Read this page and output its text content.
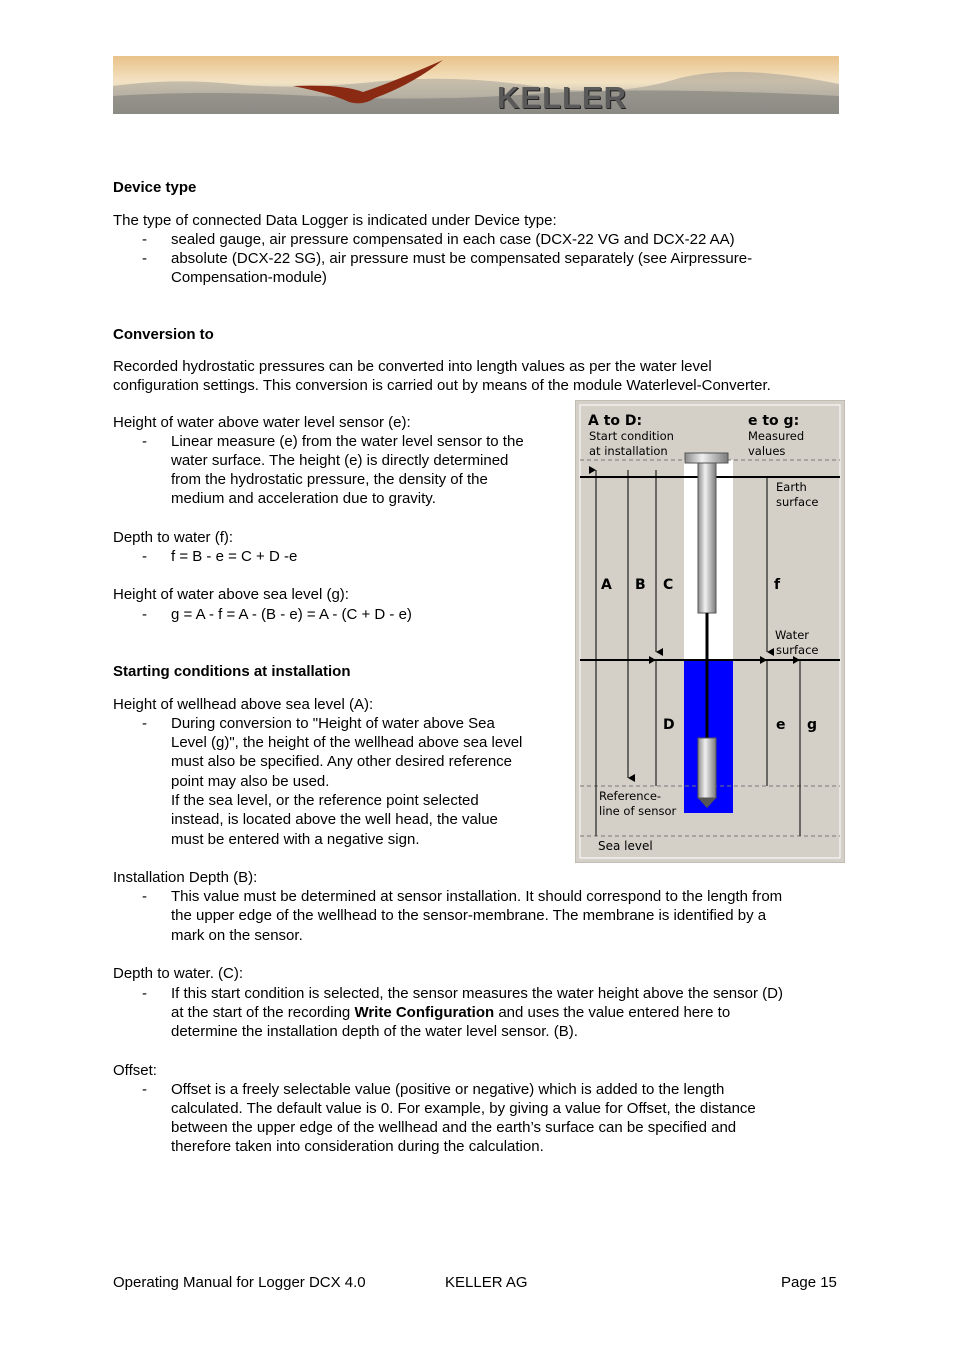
KELLER
Device type
The type of connected Data Logger is indicated under Device type:
- sealed gauge, air pressure compensated in each case (DCX-22 VG and DCX-22 AA)
- absolute (DCX-22 SG), air pressure must be compensated separately (see Airpressure-
Compensation-module)
Conversion to
Recorded hydrostatic pressures can be converted into length values as per the water level
configuration settings. This conversion is carried out by means of the module Waterlevel-Converter.
Height of water above water level sensor (e):
- Linear measure (e) from the water level sensor to the
water surface. The height (e) is directly determined
from the hydrostatic pressure, the density of the
medium and acceleration due to gravity.
Depth to water (f):
- f = B - e = C + D -e
Height of water above sea level (g):
- g = A - f = A - (B - e) = A - (C + D - e)
Starting conditions at installation
Height of wellhead above sea level (A):
- During conversion to "Height of water above Sea
Level (g)", the height of the wellhead above sea level
must also be specified. Any other desired reference
point may also be used.
If the sea level, or the reference point selected
instead, is located above the well head, the value
must be entered with a negative sign.
Installation Depth (B):
- This value must be determined at sensor installation. It should correspond to the length from
the upper edge of the wellhead to the sensor-membrane. The membrane is identified by a
mark on the sensor.
Depth to water. (C):
- If this start condition is selected, the sensor measures the water height above the sensor (D)
at the start of the recording Write Configuration and uses the value entered here to
determine the installation depth of the water level sensor. (B).
Offset:
- Offset is a freely selectable value (positive or negative) which is added to the length
calculated. The default value is 0. For example, by giving a value for Offset, the distance
between the upper edge of the wellhead and the earth’s surface can be specified and
therefore taken into consideration during the calculation.
A to D:
Start condition
at installation
e to g:
Measured
values
Earth
surface
Water
surface
Reference-
line of sensor
Sea level
A B C
D
f
e g
Operating Manual for Logger DCX 4.0	KELLER AG	Page 15
